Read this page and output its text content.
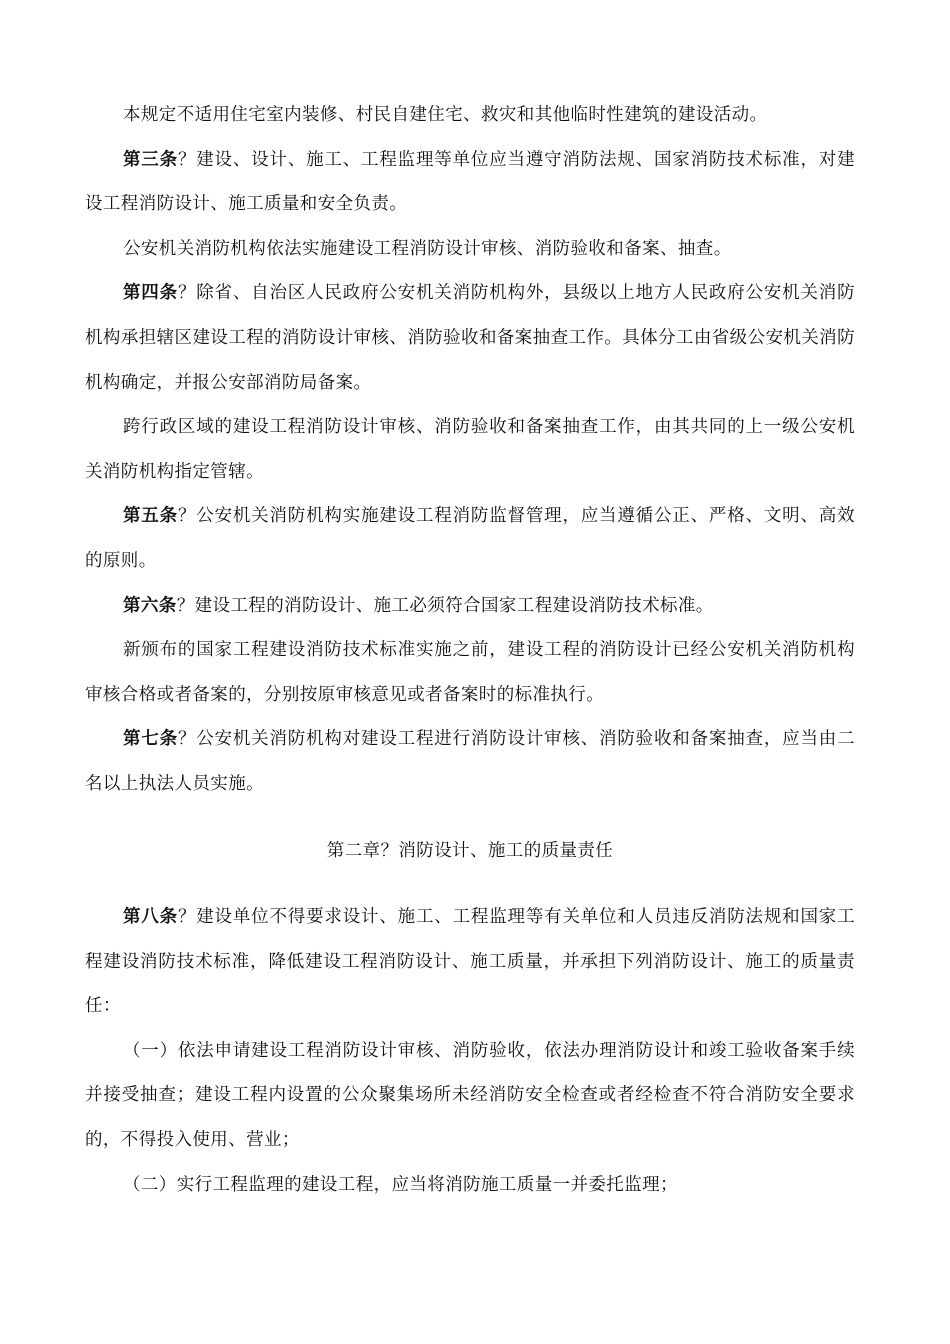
本规定不适用住宅室内装修、村民自建住宅、救灾和其他临时性建筑的建设活动。

第三条？建设、设计、施工、工程监理等单位应当遵守消防法规、国家消防技术标准，对建设工程消防设计、施工质量和安全负责。

公安机关消防机构依法实施建设工程消防设计审核、消防验收和备案、抽查。

第四条？除省、自治区人民政府公安机关消防机构外，县级以上地方人民政府公安机关消防机构承担辖区建设工程的消防设计审核、消防验收和备案抽查工作。具体分工由省级公安机关消防机构确定，并报公安部消防局备案。

跨行政区域的建设工程消防设计审核、消防验收和备案抽查工作，由其共同的上一级公安机关消防机构指定管辖。

第五条？公安机关消防机构实施建设工程消防监督管理，应当遵循公正、严格、文明、高效的原则。

第六条？建设工程的消防设计、施工必须符合国家工程建设消防技术标准。

新颁布的国家工程建设消防技术标准实施之前，建设工程的消防设计已经公安机关消防机构审核合格或者备案的，分别按原审核意见或者备案时的标准执行。

第七条？公安机关消防机构对建设工程进行消防设计审核、消防验收和备案抽查，应当由二名以上执法人员实施。

第二章？消防设计、施工的质量责任

第八条？建设单位不得要求设计、施工、工程监理等有关单位和人员违反消防法规和国家工程建设消防技术标准，降低建设工程消防设计、施工质量，并承担下列消防设计、施工的质量责任：

（一）依法申请建设工程消防设计审核、消防验收，依法办理消防设计和竣工验收备案手续并接受抽查；建设工程内设置的公众聚集场所未经消防安全检查或者经检查不符合消防安全要求的，不得投入使用、营业；

（二）实行工程监理的建设工程，应当将消防施工质量一并委托监理；
